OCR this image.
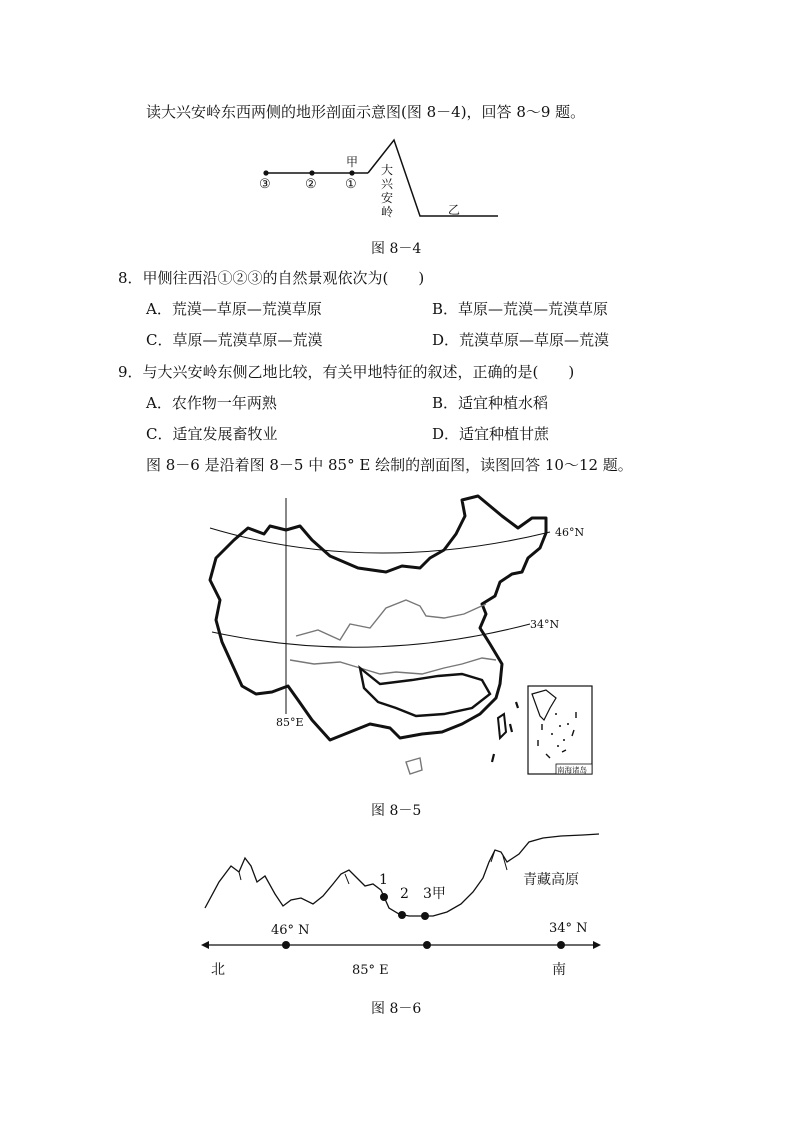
读大兴安岭东西两侧的地形剖面示意图(图 8－4)，回答 8～9 题。
③	② ①
甲
大
兴
安
岭	乙
图 8－4
8．甲侧往西沿①②③的自然景观依次为(　　)
A．荒漠—草原—荒漠草原	B．草原—荒漠—荒漠草原
C．草原—荒漠草原—荒漠	D．荒漠草原—草原—荒漠
9．与大兴安岭东侧乙地比较，有关甲地特征的叙述，正确的是(　　)
A．农作物一年两熟	B．适宜种植水稻
C．适宜发展畜牧业	D．适宜种植甘蔗
图 8－6 是沿着图 8－5 中 85° E 绘制的剖面图，读图回答 10～12 题。
46°N
34°N
85°E
南海诸岛
图 8－5
1
2 3甲
青藏高原
46° N	34° N
85° E
北	南
图 8－6
